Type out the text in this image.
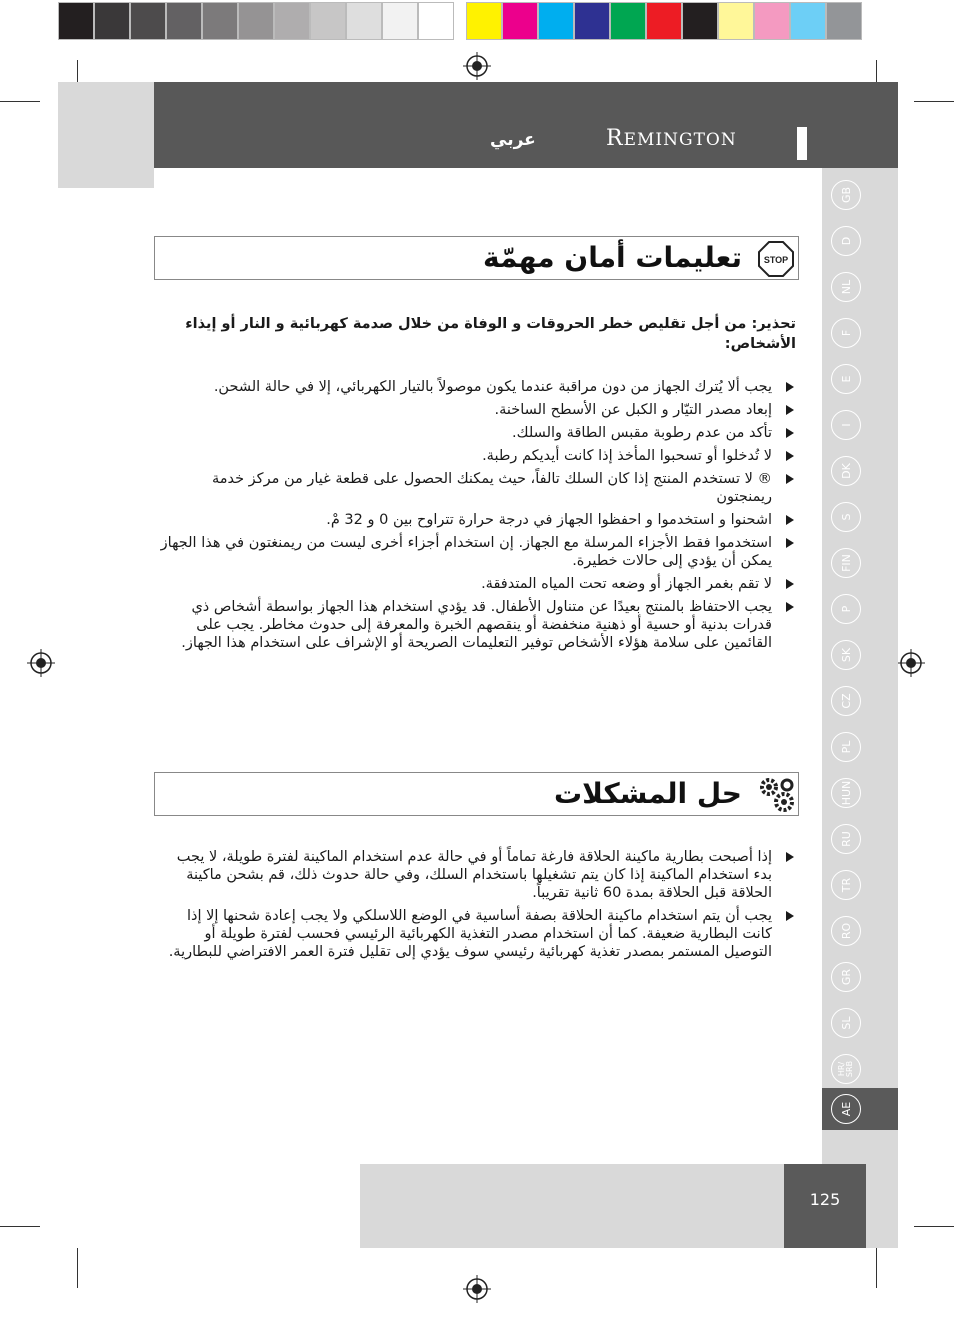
عربي	REMINGTON
GB
D
NL
F
E
I
DK
S
FIN
P
SK
CZ
PL
HUN
RU
TR
RO
GR
SL
HR/
SRB
AE
STOP
تعليمات أمان مهمّة
تحذير: من أجل تقليص خطر الحروقات و الوفاة من خلال صدمة كهربائية و النار أو إيذاء الأشخاص:
يجب ألا يُترك الجهاز من دون مراقبة عندما يكون موصولاً بالتيار الكهربائي، إلا في حالة الشحن.
إبعاد مصدر التيّار و الكبل عن الأسطح الساخنة.
تأكد من عدم رطوبة مقبس الطاقة والسلك.
لا تُدخلوا أو تسحبوا المأخذ إذا كانت أيديكم رطبة.
® لا تستخدم المنتج إذا كان السلك تالفاً، حيث يمكنك الحصول على قطعة غيار من مركز خدمة ريمنجتون
اشحنوا و استخدموا و احفظوا الجهاز في درجة حرارة تتراوح بين 0 و 32 مْ.
استخدموا فقط الأجزاء المرسلة مع الجهاز. إن استخدام أجزاء أخرى ليست من ريمنغتون في هذا الجهاز يمكن أن يؤدي إلى حالات خطيرة.
لا تقم بغمر الجهاز أو وضعه تحت المياه المتدفقة.
يجب الاحتفاظ بالمنتج بعيدًا عن متناول الأطفال. قد يؤدي استخدام هذا الجهاز بواسطة أشخاص ذي قدرات بدنية أو حسية أو ذهنية منخفضة أو ينقصهم الخبرة والمعرفة إلى حدوث مخاطر. يجب على القائمين على سلامة هؤلاء الأشخاص توفير التعليمات الصريحة أو الإشراف على استخدام هذا الجهاز.
حل المشكلات
إذا أصبحت بطارية ماكينة الحلاقة فارغة تماماً أو في حالة عدم استخدام الماكينة لفترة طويلة، لا يجب بدء استخدام الماكينة إذا كان يتم تشغيلها باستخدام السلك، وفي حالة حدوث ذلك، قم بشحن ماكينة الحلاقة قبل الحلاقة بمدة 60 ثانية تقريباً.
يجب أن يتم استخدام ماكينة الحلاقة بصفة أساسية في الوضع اللاسلكي ولا يجب إعادة شحنها إلا إذا كانت البطارية ضعيفة. كما أن استخدام مصدر التغذية الكهربائية الرئيسي فحسب لفترة طويلة أو التوصيل المستمر بمصدر تغذية كهربائية رئيسي سوف يؤدي إلى تقليل فترة العمر الافتراضي للبطارية.
125
